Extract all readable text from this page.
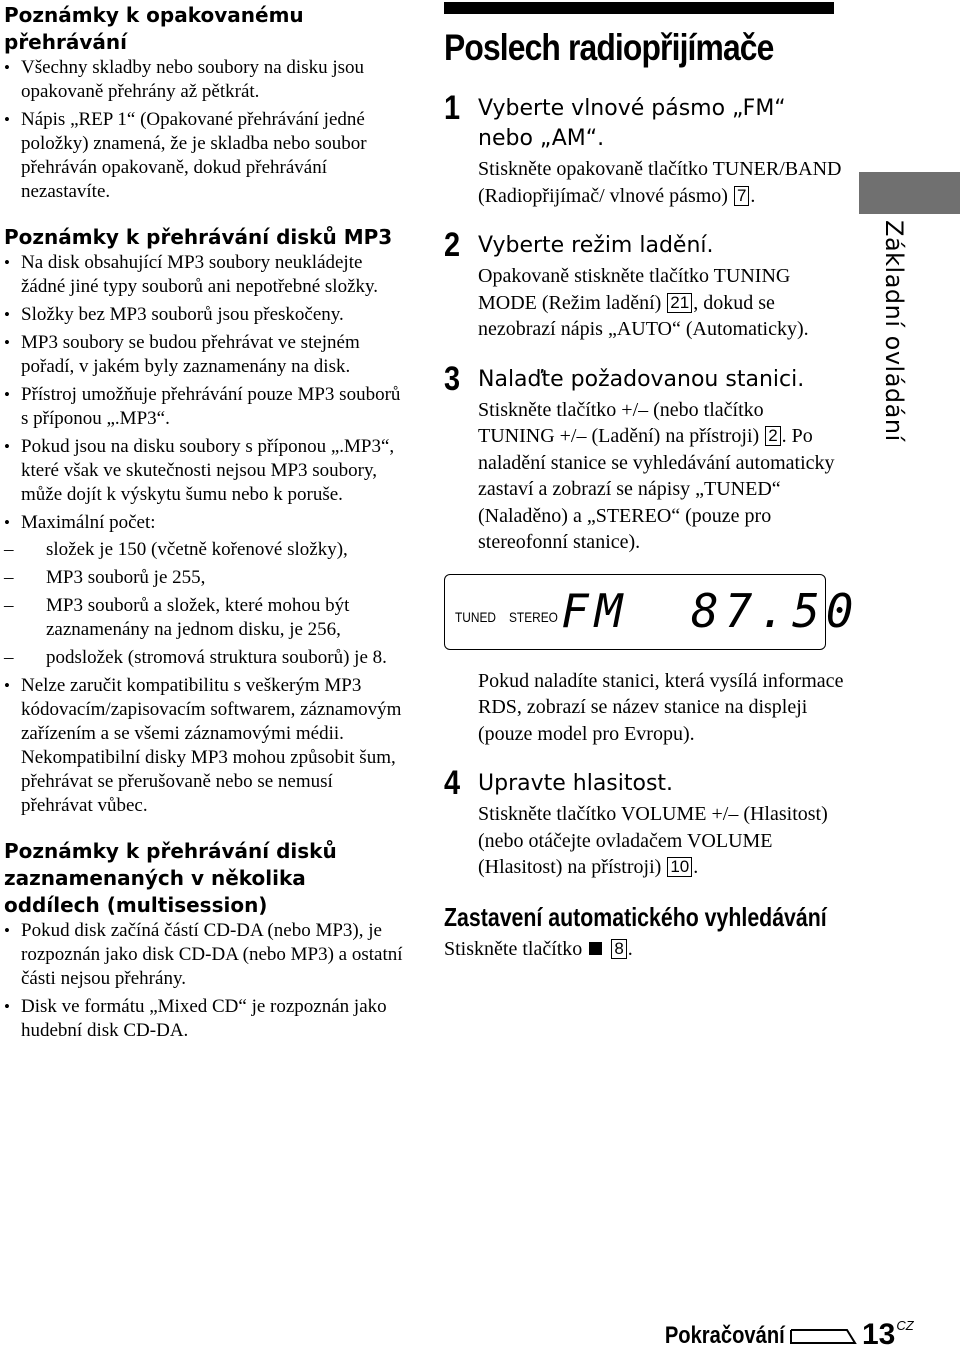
Poznámky k opakovanému přehrávání
• Všechny skladby nebo soubory na disku jsou opakovaně přehrány až pětkrát.
• Nápis „REP 1“ (Opakované přehrávání jedné položky) znamená, že je skladba nebo soubor přehráván opakovaně, dokud přehrávání nezastavíte.
Poznámky k přehrávání disků MP3
• Na disk obsahující MP3 soubory neukládejte žádné jiné typy souborů ani nepotřebné složky.
• Složky bez MP3 souborů jsou přeskočeny.
• MP3 soubory se budou přehrávat ve stejném pořadí, v jakém byly zaznamenány na disk.
• Přístroj umožňuje přehrávání pouze MP3 souborů s příponou „.MP3“.
• Pokud jsou na disku soubory s příponou „.MP3“, které však ve skutečnosti nejsou MP3 soubory, může dojít k výskytu šumu nebo k poruše.
• Maximální počet:
– složek je 150 (včetně kořenové složky),
– MP3 souborů je 255,
– MP3 souborů a složek, které mohou být zaznamenány na jednom disku, je 256,
– podsložek (stromová struktura souborů) je 8.
• Nelze zaručit kompatibilitu s veškerým MP3 kódovacím/zapisovacím softwarem, záznamovým zařízením a se všemi záznamovými médii. Nekompatibilní disky MP3 mohou způsobit šum, přehrávat se přerušovaně nebo se nemusí přehrávat vůbec.
Poznámky k přehrávání disků zaznamenaných v několika oddílech (multisession)
• Pokud disk začíná částí CD-DA (nebo MP3), je rozpoznán jako disk CD-DA (nebo MP3) a ostatní části nejsou přehrány.
• Disk ve formátu „Mixed CD“ je rozpoznán jako hudební disk CD-DA.
Poslech radiopřijímače
1 Vyberte vlnové pásmo „FM“ nebo „AM“.

Stiskněte opakovaně tlačítko TUNER/BAND (Radiopřijímač/ vlnové pásmo) 7 .

2 Vyberte režim ladění.

Opakovaně stiskněte tlačítko TUNING MODE (Režim ladění) 21 , dokud se nezobrazí nápis „AUTO“ (Automaticky).

3 Nalaďte požadovanou stanici.

Stiskněte tlačítko +/– (nebo tlačítko TUNING +/– (Ladění) na přístroji) 2 . Po naladění stanice se vyhledávání automaticky zastaví a zobrazí se nápisy „TUNED“ (Naladěno) a „STEREO“ (pouze pro stereofonní stanice).

TUNED STEREO FM 87.50

Pokud naladíte stanici, která vysílá informace RDS, zobrazí se název stanice na displeji (pouze model pro Evropu).

4 Upravte hlasitost.

Stiskněte tlačítko VOLUME +/– (Hlasitost) (nebo otáčejte ovladačem VOLUME (Hlasitost) na přístroji) 10 .

Zastavení automatického vyhledávání

Stiskněte tlačítko 8 .

Základní ovládání
Pokračování	$13^{CZ}$
